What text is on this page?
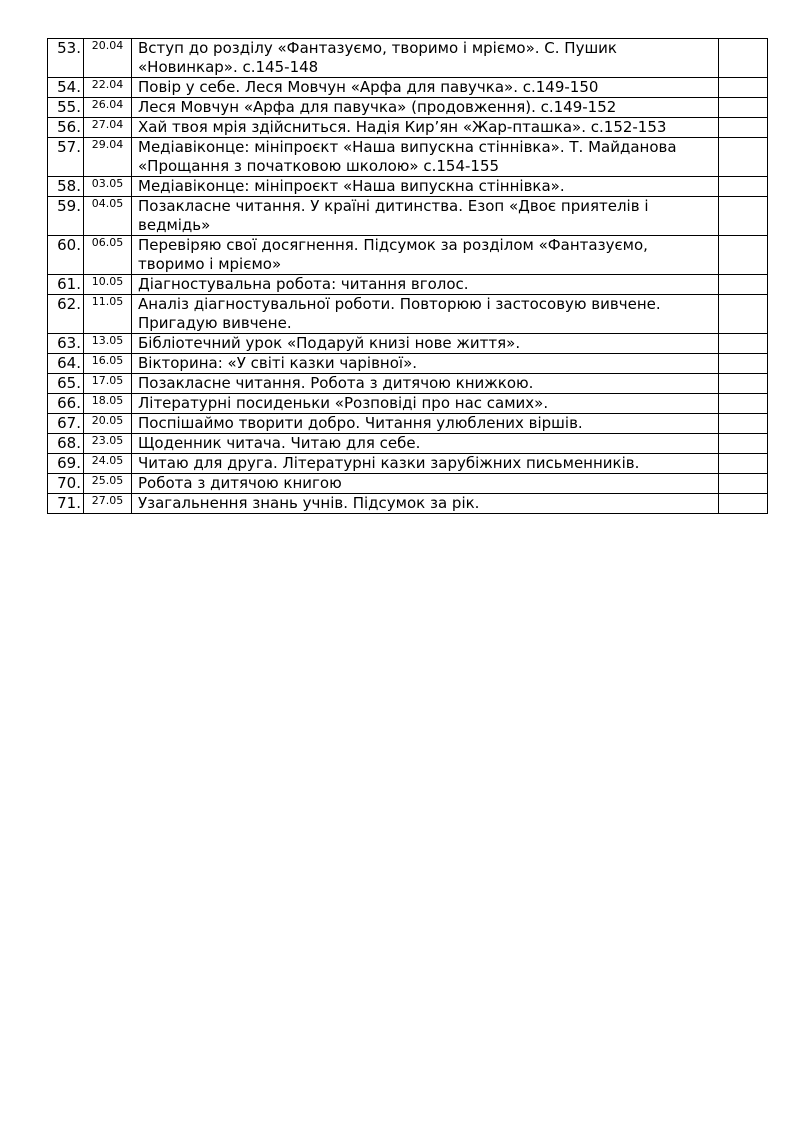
53.	20.04	Вступ до розділу «Фантазуємо, творимо і мріємо». С. Пушик «Новинкар». с.145-148	
54.	22.04	Повір у себе. Леся Мовчун «Арфа для павучка». с.149-150	
55.	26.04	Леся Мовчун «Арфа для павучка» (продовження). с.149-152	
56.	27.04	Хай твоя мрія здійсниться. Надія Кир’ян «Жар-пташка». с.152-153	
57.	29.04	Медіавіконце: мініпроєкт «Наша випускна стіннівка». Т. Майданова «Прощання з початковою школою» с.154-155	
58.	03.05	Медіавіконце: мініпроєкт «Наша випускна стіннівка».	
59.	04.05	Позакласне читання. У країні дитинства. Езоп «Двоє приятелів і ведмідь»	
60.	06.05	Перевіряю свої досягнення. Підсумок за розділом «Фантазуємо, творимо і мріємо»	
61.	10.05	Діагностувальна робота: читання вголос.	
62.	11.05	Аналіз діагностувальної роботи. Повторюю і застосовую вивчене. Пригадую вивчене.	
63.	13.05	Бібліотечний урок «Подаруй книзі нове життя».	
64.	16.05	Вікторина: «У світі казки чарівної».	
65.	17.05	Позакласне читання. Робота з дитячою книжкою.	
66.	18.05	Літературні посиденьки «Розповіді про нас самих».	
67.	20.05	Поспішаймо творити добро. Читання улюблених віршів.	
68.	23.05	Щоденник читача. Читаю для себе.	
69.	24.05	Читаю для друга. Літературні казки зарубіжних письменників.	
70.	25.05	Робота з дитячою книгою	
71.	27.05	Узагальнення знань учнів. Підсумок за рік.	
